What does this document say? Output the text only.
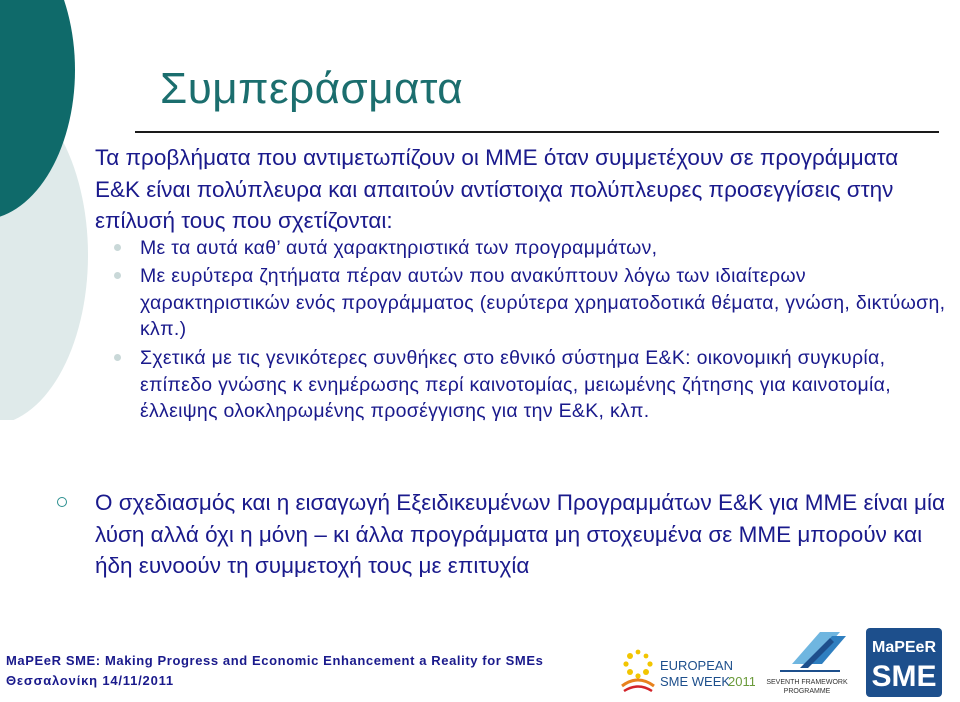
Συμπεράσματα
Τα προβλήματα που αντιμετωπίζουν οι ΜΜΕ όταν συμμετέχουν σε προγράμματα Ε&Κ είναι πολύπλευρα και απαιτούν αντίστοιχα πολύπλευρες προσεγγίσεις στην επίλυσή τους που σχετίζονται:
Με τα αυτά καθ’ αυτά χαρακτηριστικά των προγραμμάτων,
Με ευρύτερα ζητήματα πέραν αυτών που ανακύπτουν λόγω των ιδιαίτερων χαρακτηριστικών ενός προγράμματος (ευρύτερα χρηματοδοτικά θέματα, γνώση, δικτύωση, κλπ.)
Σχετικά με τις γενικότερες συνθήκες στο εθνικό σύστημα Ε&Κ: οικονομική συγκυρία, επίπεδο γνώσης κ ενημέρωσης περί καινοτομίας, μειωμένης ζήτησης για καινοτομία, έλλειψης ολοκληρωμένης προσέγγισης για την Ε&Κ, κλπ.
Ο σχεδιασμός και η εισαγωγή Εξειδικευμένων Προγραμμάτων Ε&Κ για ΜΜΕ είναι μία λύση αλλά όχι η μόνη – κι άλλα προγράμματα μη στοχευμένα σε ΜΜΕ μπορούν και ήδη ευνοούν τη συμμετοχή τους με επιτυχία
MaPEeR SME: Making Progress and Economic Enhancement a Reality for SMEs
Θεσσαλονίκη 14/11/2011
EUROPEAN
SME WEEK
2011 SEVENTH FRAMEWORK
PROGRAMME
MaPEeR
SME
